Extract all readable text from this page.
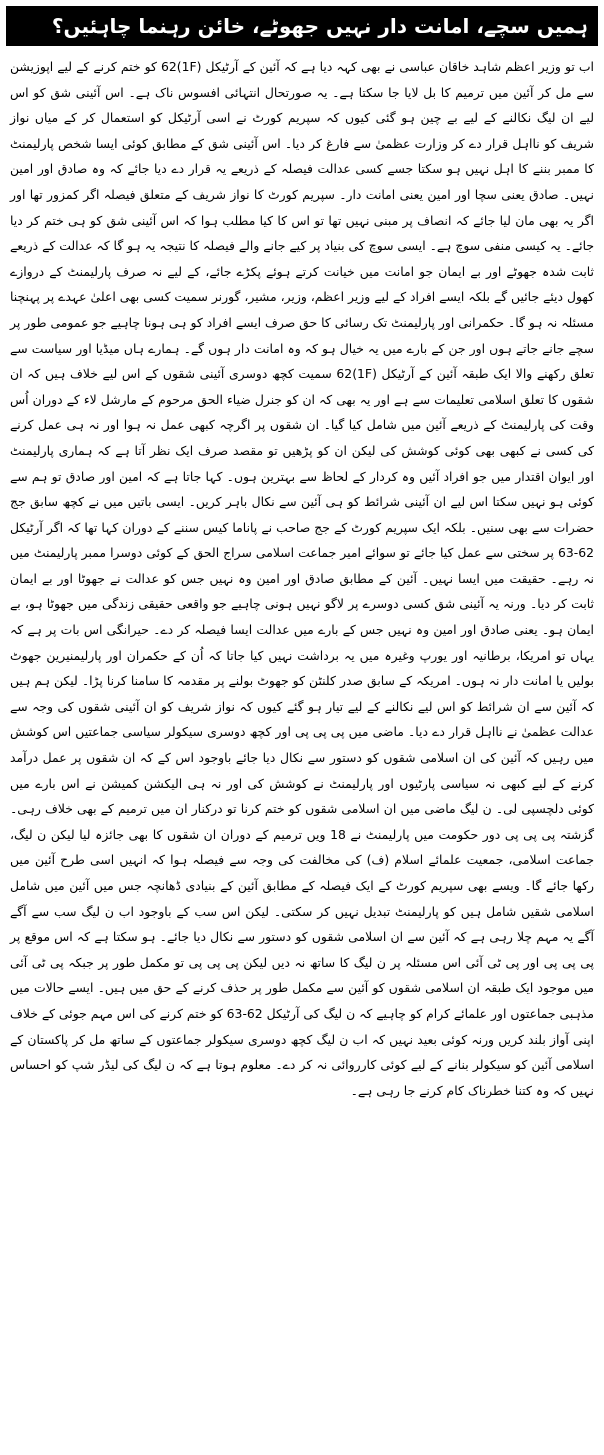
ہمیں سچے، امانت دار نہیں جھوٹے، خائن رہنما چاہئیں؟

اب تو وزیر اعظم شاہد خاقان عباسی نے بھی کہہ دیا ہے کہ آئین کے آرٹیکل (1F)62 کو ختم کرنے کے لیے اپوزیشن سے مل کر آئین میں ترمیم کا بل لایا جا سکتا ہے۔ یہ صورتحال انتہائی افسوس ناک ہے۔ اس آئینی شق کو اس لیے ان لیگ نکالنے کے لیے بے چین ہو گئی کیوں کہ سپریم کورٹ نے اسی آرٹیکل کو استعمال کر کے میاں نواز شریف کو نااہل قرار دے کر وزارت عظمیٰ سے فارغ کر دیا۔ اس آئینی شق کے مطابق کوئی ایسا شخص پارلیمنٹ کا ممبر بننے کا اہل نہیں ہو سکتا جسے کسی عدالت فیصلہ کے ذریعے یہ قرار دے دیا جائے کہ وہ صادق اور امین نہیں۔ صادق یعنی سچا اور امین یعنی امانت دار۔ سپریم کورٹ کا نواز شریف کے متعلق فیصلہ اگر کمزور تھا اور اگر یہ بھی مان لیا جائے کہ انصاف پر مبنی نہیں تھا تو اس کا کیا مطلب ہوا کہ اس آئینی شق کو ہی ختم کر دیا جائے۔ یہ کیسی منفی سوچ ہے۔ ایسی سوچ کی بنیاد پر کیے جانے والے فیصلہ کا نتیجہ یہ ہو گا کہ عدالت کے ذریعے ثابت شدہ جھوٹے اور بے ایمان جو امانت میں خیانت کرتے ہوئے پکڑے جائے، کے لیے نہ صرف پارلیمنٹ کے دروازے کھول دیئے جائیں گے بلکہ ایسے افراد کے لیے وزیر اعظم، وزیر، مشیر، گورنر سمیت کسی بھی اعلیٰ عہدے پر پہنچنا مسئلہ نہ ہو گا۔ حکمرانی اور پارلیمنٹ تک رسائی کا حق صرف ایسے افراد کو ہی ہونا چاہیے جو عمومی طور پر سچے جانے جاتے ہوں اور جن کے بارے میں یہ خیال ہو کہ وہ امانت دار ہوں گے۔ ہمارے ہاں میڈیا اور سیاست سے تعلق رکھنے والا ایک طبقہ آئین کے آرٹیکل (1F)62 سمیت کچھ دوسری آئینی شقوں کے اس لیے خلاف ہیں کہ ان شقوں کا تعلق اسلامی تعلیمات سے ہے اور یہ بھی کہ ان کو جنرل ضیاء الحق مرحوم کے مارشل لاء کے دوران اُس وقت کی پارلیمنٹ کے ذریعے آئین میں شامل کیا گیا۔ ان شقوں پر اگرچہ کبھی عمل نہ ہوا اور نہ ہی عمل کرنے کی کسی نے کبھی بھی کوئی کوشش کی لیکن ان کو پڑھیں تو مقصد صرف ایک نظر آتا ہے کہ ہماری پارلیمنٹ اور ایوان اقتدار میں جو افراد آئیں وہ کردار کے لحاظ سے بہترین ہوں۔ کہا جاتا ہے کہ امین اور صادق تو ہم سے کوئی ہو نہیں سکتا اس لیے ان آئینی شرائط کو ہی آئین سے نکال باہر کریں۔ ایسی باتیں میں نے کچھ سابق جج حضرات سے بھی سنیں۔ بلکہ ایک سپریم کورٹ کے جج صاحب نے پاناما کیس سننے کے دوران کہا تھا کہ اگر آرٹیکل 62-63 پر سختی سے عمل کیا جائے تو سوائے امیر جماعت اسلامی سراج الحق کے کوئی دوسرا ممبر پارلیمنٹ میں نہ رہے۔ حقیقت میں ایسا نہیں۔ آئین کے مطابق صادق اور امین وہ نہیں جس کو عدالت نے جھوٹا اور بے ایمان ثابت کر دیا۔ ورنہ یہ آئینی شق کسی دوسرے پر لاگو نہیں ہونی چاہیے جو واقعی حقیقی زندگی میں جھوٹا ہو، بے ایمان ہو۔ یعنی صادق اور امین وہ نہیں جس کے بارے میں عدالت ایسا فیصلہ کر دے۔ حیرانگی اس بات پر ہے کہ یہاں تو امریکا، برطانیہ اور یورپ وغیرہ میں یہ برداشت نہیں کیا جاتا کہ اُن کے حکمران اور پارلیمنیرین جھوٹ بولیں یا امانت دار نہ ہوں۔ امریکہ کے سابق صدر کلنٹن کو جھوٹ بولنے پر مقدمہ کا سامنا کرنا پڑا۔ لیکن ہم ہیں کہ آئین سے ان شرائط کو اس لیے نکالنے کے لیے تیار ہو گئے کیوں کہ نواز شریف کو ان آئینی شقوں کی وجہ سے عدالت عظمیٰ نے نااہل قرار دے دیا۔ ماضی میں پی پی پی اور کچھ دوسری سیکولر سیاسی جماعتیں اس کوشش میں رہیں کہ آئین کی ان اسلامی شقوں کو دستور سے نکال دیا جائے باوجود اس کے کہ ان شقوں پر عمل درآمد کرنے کے لیے کبھی نہ سیاسی پارٹیوں اور پارلیمنٹ نے کوشش کی اور نہ ہی الیکشن کمیشن نے اس بارے میں کوئی دلچسپی لی۔ ن لیگ ماضی میں ان اسلامی شقوں کو ختم کرنا تو درکنار ان میں ترمیم کے بھی خلاف رہی۔ گزشتہ پی پی پی دور حکومت میں پارلیمنٹ نے 18 ویں ترمیم کے دوران ان شقوں کا بھی جائزہ لیا لیکن ن لیگ، جماعت اسلامی، جمعیت علمائے اسلام (ف) کی مخالفت کی وجہ سے فیصلہ ہوا کہ انہیں اسی طرح آئین میں رکھا جائے گا۔ ویسے بھی سپریم کورٹ کے ایک فیصلہ کے مطابق آئین کے بنیادی ڈھانچہ جس میں آئین میں شامل اسلامی شقیں شامل ہیں کو پارلیمنٹ تبدیل نہیں کر سکتی۔ لیکن اس سب کے باوجود اب ن لیگ سب سے آگے آگے یہ مہم چلا رہی ہے کہ آئین سے ان اسلامی شقوں کو دستور سے نکال دیا جائے۔ ہو سکتا ہے کہ اس موقع پر پی پی پی اور پی ٹی آئی اس مسئلہ پر ن لیگ کا ساتھ نہ دیں لیکن پی پی پی تو مکمل طور پر جبکہ پی ٹی آئی میں موجود ایک طبقہ ان اسلامی شقوں کو آئین سے مکمل طور پر حذف کرنے کے حق میں ہیں۔ ایسے حالات میں مذہبی جماعتوں اور علمائے کرام کو چاہیے کہ ن لیگ کی آرٹیکل 62-63 کو ختم کرنے کی اس مہم جوئی کے خلاف اپنی آواز بلند کریں ورنہ کوئی بعید نہیں کہ اب ن لیگ کچھ دوسری سیکولر جماعتوں کے ساتھ مل کر پاکستان کے اسلامی آئین کو سیکولر بنانے کے لیے کوئی کارروائی نہ کر دے۔ معلوم ہوتا ہے کہ ن لیگ کی لیڈر شپ کو احساس نہیں کہ وہ کتنا خطرناک کام کرنے جا رہی ہے۔
